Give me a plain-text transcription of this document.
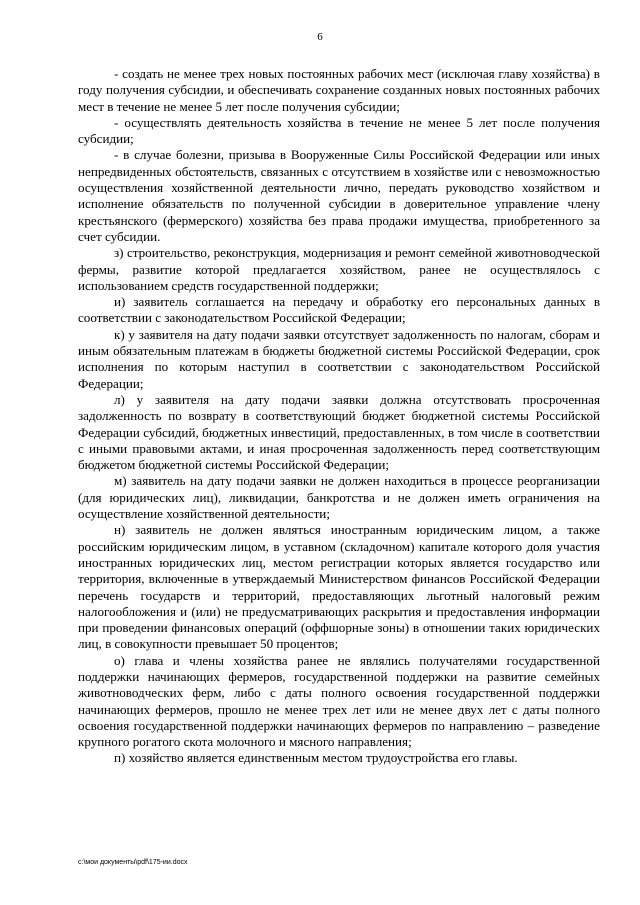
6

- создать не менее трех новых постоянных рабочих мест (исключая главу хозяйства) в году получения субсидии, и обеспечивать сохранение созданных новых постоянных рабочих мест в течение не менее 5 лет после получения субсидии;

- осуществлять деятельность хозяйства в течение не менее 5 лет после получения субсидии;

- в случае болезни, призыва в Вооруженные Силы Российской Федерации или иных непредвиденных обстоятельств, связанных с отсутствием в хозяйстве или с невозможностью осуществления хозяйственной деятельности лично, передать руководство хозяйством и исполнение обязательств по полученной субсидии в доверительное управление члену крестьянского (фермерского) хозяйства без права продажи имущества, приобретенного за счет субсидии.

з) строительство, реконструкция, модернизация и ремонт семейной животноводческой фермы, развитие которой предлагается хозяйством, ранее не осуществлялось с использованием средств государственной поддержки;

и) заявитель соглашается на передачу и обработку его персональных данных в соответствии с законодательством Российской Федерации;

к) у заявителя на дату подачи заявки отсутствует задолженность по налогам, сборам и иным обязательным платежам в бюджеты бюджетной системы Российской Федерации, срок исполнения по которым наступил в соответствии с законодательством Российской Федерации;

л) у заявителя на дату подачи заявки должна отсутствовать просроченная задолженность по возврату в соответствующий бюджет бюджетной системы Российской Федерации субсидий, бюджетных инвестиций, предоставленных, в том числе в соответствии с иными правовыми актами, и иная просроченная задолженность перед соответствующим бюджетом бюджетной системы Российской Федерации;

м) заявитель на дату подачи заявки не должен находиться в процессе реорганизации (для юридических лиц), ликвидации, банкротства и не должен иметь ограничения на осуществление хозяйственной деятельности;

н) заявитель не должен являться иностранным юридическим лицом, а также российским юридическим лицом, в уставном (складочном) капитале которого доля участия иностранных юридических лиц, местом регистрации которых является государство или территория, включенные в утверждаемый Министерством финансов Российской Федерации перечень государств и территорий, предоставляющих льготный налоговый режим налогообложения и (или) не предусматривающих раскрытия и предоставления информации при проведении финансовых операций (оффшорные зоны) в отношении таких юридических лиц, в совокупности превышает 50 процентов;

о) глава и члены хозяйства ранее не являлись получателями государственной поддержки начинающих фермеров, государственной поддержки на развитие семейных животноводческих ферм, либо с даты полного освоения государственной поддержки начинающих фермеров, прошло не менее трех лет или не менее двух лет с даты полного освоения государственной поддержки начинающих фермеров по направлению – разведение крупного рогатого скота молочного и мясного направления;

п) хозяйство является единственным местом трудоустройства его главы.

c:\мои документы\pdf\175-ии.docx
